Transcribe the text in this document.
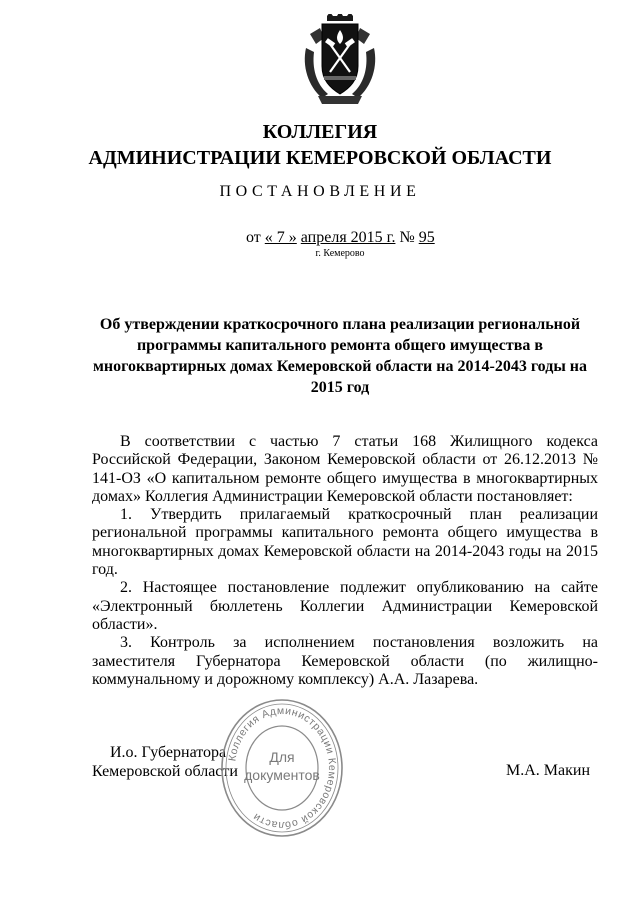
КОЛЛЕГИЯ
АДМИНИСТРАЦИИ КЕМЕРОВСКОЙ ОБЛАСТИ
ПОСТАНОВЛЕНИЕ
от « 7 » апреля 2015 г. № 95
г. Кемерово
Об утверждении краткосрочного плана реализации региональной программы капитального ремонта общего имущества в многоквартирных домах Кемеровской области на 2014-2043 годы на 2015 год

В соответствии с частью 7 статьи 168 Жилищного кодекса Российской Федерации, Законом Кемеровской области от 26.12.2013 № 141-ОЗ «О капитальном ремонте общего имущества в многоквартирных домах» Коллегия Администрации Кемеровской области постановляет:

1. Утвердить прилагаемый краткосрочный план реализации региональной программы капитального ремонта общего имущества в многоквартирных домах Кемеровской области на 2014-2043 годы на 2015 год.

2. Настоящее постановление подлежит опубликованию на сайте «Электронный бюллетень Коллегии Администрации Кемеровской области».

3. Контроль за исполнением постановления возложить на заместителя Губернатора Кемеровской области (по жилищно-коммунальному и дорожному комплексу) А.А. Лазарева.

И.о. Губернатора
Кемеровской области	М.А. Макин
Коллегия Администрации Кемеровской области
Для
документов
